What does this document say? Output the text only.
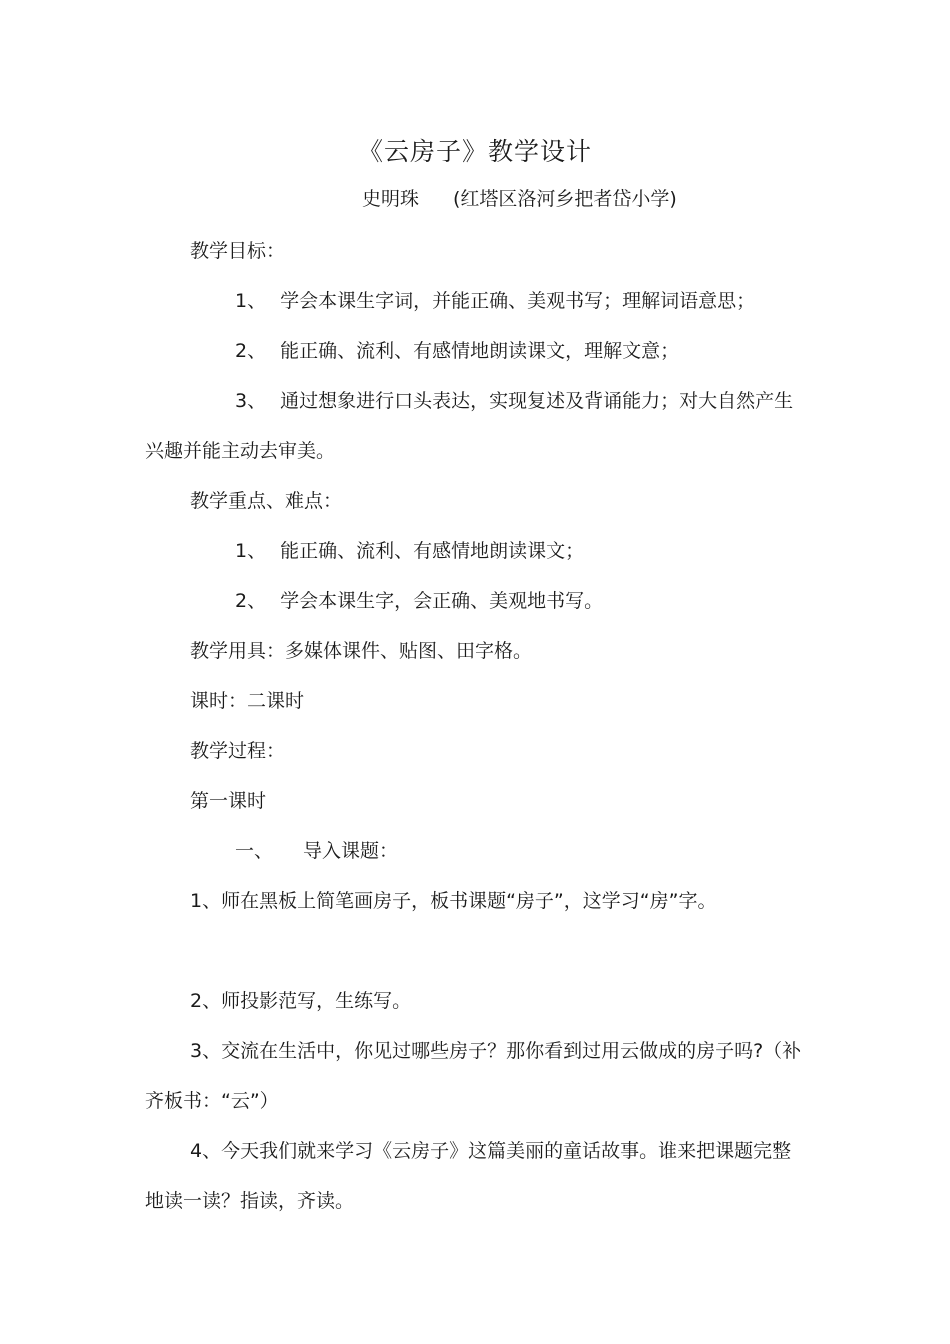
《云房子》教学设计
史明珠 (红塔区洛河乡把者岱小学)
教学目标：
1、 学会本课生字词，并能正确、美观书写；理解词语意思；
2、 能正确、流利、有感情地朗读课文，理解文意；
3、 通过想象进行口头表达，实现复述及背诵能力；对大自然产生兴趣并能主动去审美。
教学重点、难点：
1、 能正确、流利、有感情地朗读课文；
2、 学会本课生字，会正确、美观地书写。
教学用具：多媒体课件、贴图、田字格。
课时：二课时
教学过程：
第一课时
一、 导入课题：
1、师在黑板上简笔画房子，板书课题“房子”，这学习“房”字。
2、师投影范写，生练写。
3、交流在生活中，你见过哪些房子？那你看到过用云做成的房子吗?（补齐板书：“云”）
4、今天我们就来学习《云房子》这篇美丽的童话故事。谁来把课题完整地读一读？指读，齐读。
